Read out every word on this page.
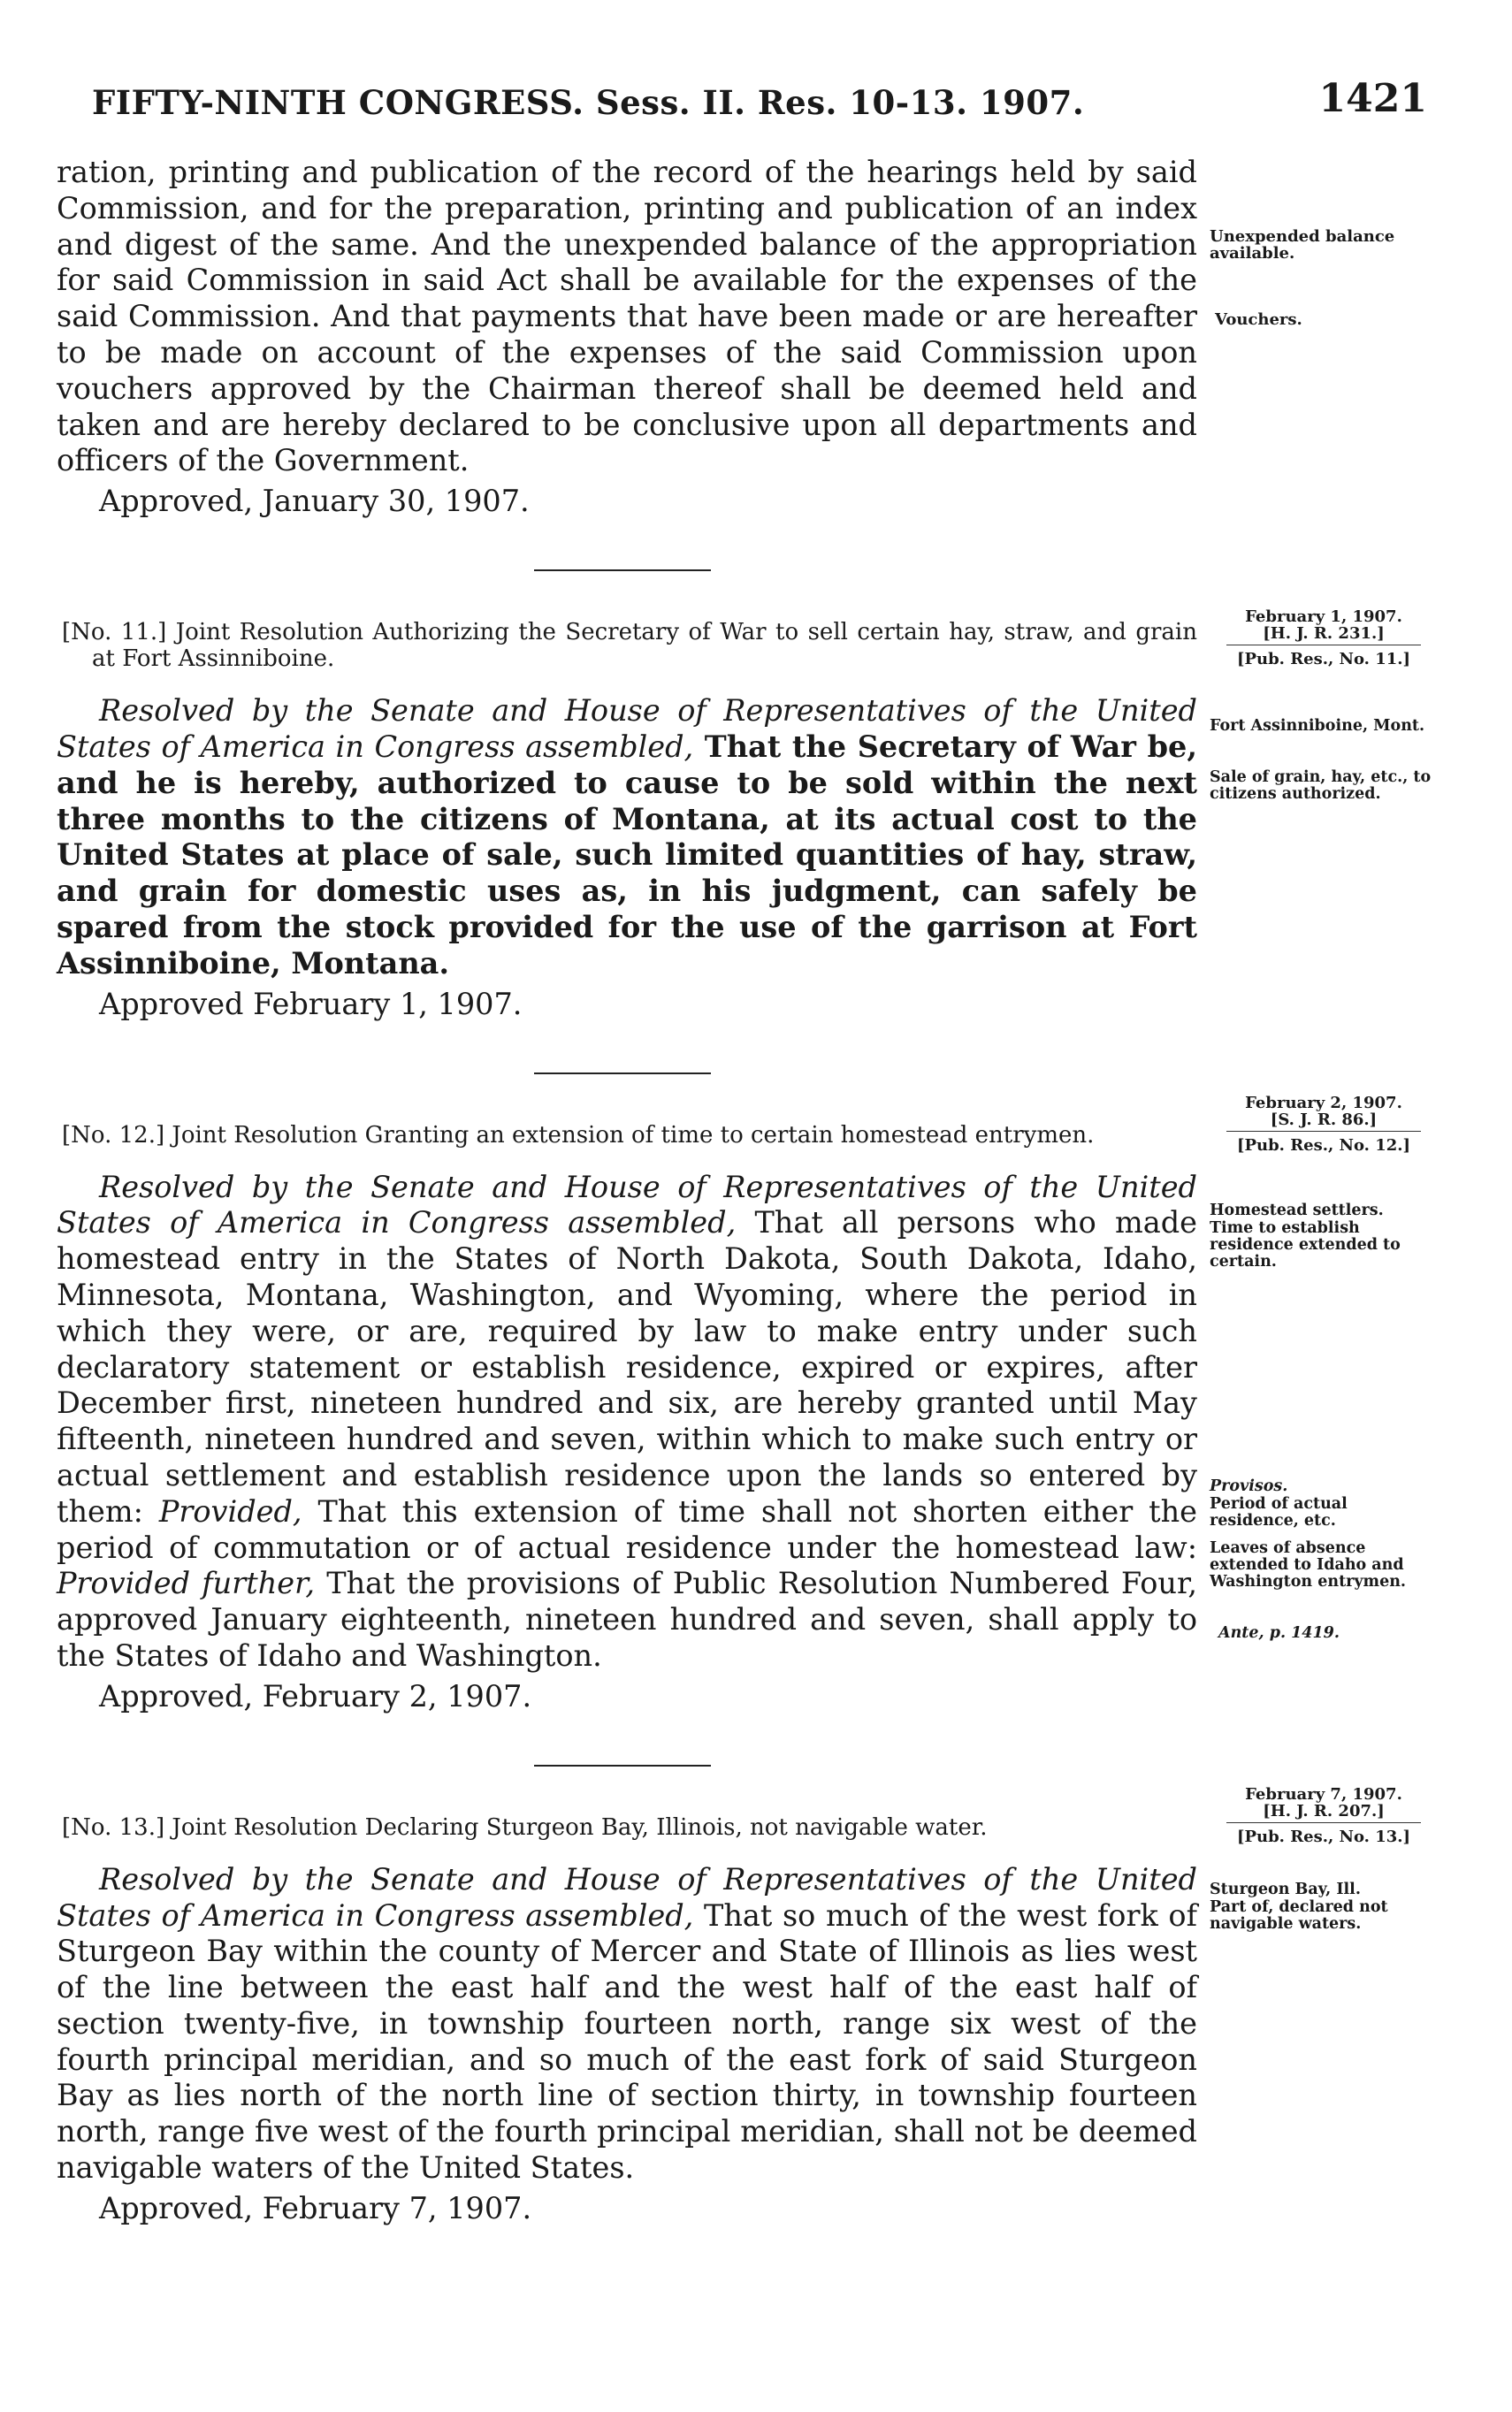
FIFTY-NINTH CONGRESS. Sess. II. Res. 10-13. 1907.	1421

ration, printing and publication of the record of the hearings held by said Commission, and for the preparation, printing and publication of an index and digest of the same. And the unexpended balance of the appropriation for said Commission in said Act shall be available for the expenses of the said Commission. And that payments that have been made or are hereafter to be made on account of the expenses of the said Commission upon vouchers approved by the Chairman thereof shall be deemed held and taken and are hereby declared to be conclusive upon all departments and officers of the Government.

Approved, January 30, 1907.

[No. 11.] Joint Resolution Authorizing the Secretary of War to sell certain hay, straw, and grain at Fort Assinniboine.

Resolved by the Senate and House of Representatives of the United States of America in Congress assembled, That the Secretary of War be, and he is hereby, authorized to cause to be sold within the next three months to the citizens of Montana, at its actual cost to the United States at place of sale, such limited quantities of hay, straw, and grain for domestic uses as, in his judgment, can safely be spared from the stock provided for the use of the garrison at Fort Assinniboine, Montana.

Approved February 1, 1907.

[No. 12.] Joint Resolution Granting an extension of time to certain homestead entrymen.

Resolved by the Senate and House of Representatives of the United States of America in Congress assembled, That all persons who made homestead entry in the States of North Dakota, South Dakota, Idaho, Minnesota, Montana, Washington, and Wyoming, where the period in which they were, or are, required by law to make entry under such declaratory statement or establish residence, expired or expires, after December first, nineteen hundred and six, are hereby granted until May fifteenth, nineteen hundred and seven, within which to make such entry or actual settlement and establish residence upon the lands so entered by them: Provided, That this extension of time shall not shorten either the period of commutation or of actual residence under the homestead law: Provided further, That the provisions of Public Resolution Numbered Four, approved January eighteenth, nineteen hundred and seven, shall apply to the States of Idaho and Washington.

Approved, February 2, 1907.

[No. 13.] Joint Resolution Declaring Sturgeon Bay, Illinois, not navigable water.

Resolved by the Senate and House of Representatives of the United States of America in Congress assembled, That so much of the west fork of Sturgeon Bay within the county of Mercer and State of Illinois as lies west of the line between the east half and the west half of the east half of section twenty-five, in township fourteen north, range six west of the fourth principal meridian, and so much of the east fork of said Sturgeon Bay as lies north of the north line of section thirty, in township fourteen north, range five west of the fourth principal meridian, shall not be deemed navigable waters of the United States.

Approved, February 7, 1907.
Unexpended balance available.
Vouchers.
February 1, 1907.
[H. J. R. 231.]
[Pub. Res., No. 11.]
Fort Assinniboine, Mont.
Sale of grain, hay, etc., to citizens authorized.
February 2, 1907.
[S. J. R. 86.]
[Pub. Res., No. 12.]
Homestead settlers.
Time to establish residence extended to certain.
Provisos.
Period of actual residence, etc.
Leaves of absence extended to Idaho and Washington entrymen.
Ante, p. 1419.
February 7, 1907.
[H. J. R. 207.]
[Pub. Res., No. 13.]
Sturgeon Bay, Ill.
Part of, declared not navigable waters.
